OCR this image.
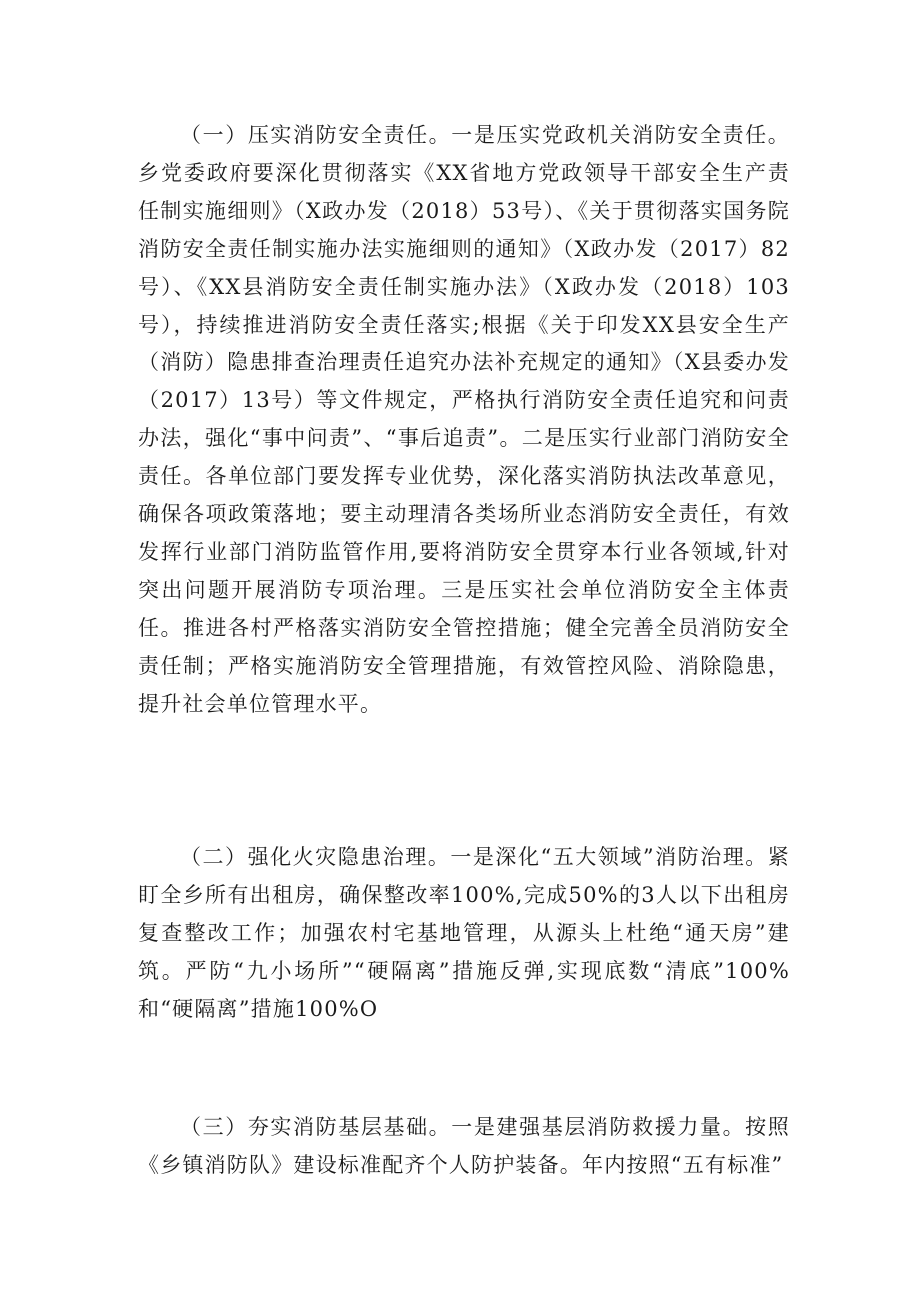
（一）压实消防安全责任。一是压实党政机关消防安全责任。乡党委政府要深化贯彻落实《XX省地方党政领导干部安全生产责任制实施细则》（X政办发（2018）53号）、《关于贯彻落实国务院消防安全责任制实施办法实施细则的通知》（X政办发（2017）82号）、《XX县消防安全责任制实施办法》（X政办发（2018）103号），持续推进消防安全责任落实;根据《关于印发XX县安全生产（消防）隐患排查治理责任追究办法补充规定的通知》（X县委办发（2017）13号）等文件规定，严格执行消防安全责任追究和问责办法，强化“事中问责”、“事后追责”。二是压实行业部门消防安全责任。各单位部门要发挥专业优势，深化落实消防执法改革意见，确保各项政策落地；要主动理清各类场所业态消防安全责任，有效发挥行业部门消防监管作用,要将消防安全贯穿本行业各领域,针对突出问题开展消防专项治理。三是压实社会单位消防安全主体责任。推进各村严格落实消防安全管控措施；健全完善全员消防安全责任制；严格实施消防安全管理措施，有效管控风险、消除隐患，提升社会单位管理水平。

（二）强化火灾隐患治理。一是深化“五大领域”消防治理。紧盯全乡所有出租房，确保整改率100%,完成50%的3人以下出租房复查整改工作；加强农村宅基地管理，从源头上杜绝“通天房”建筑。严防“九小场所”“硬隔离”措施反弹,实现底数“清底”100%和“硬隔离”措施100%O

（三）夯实消防基层基础。一是建强基层消防救援力量。按照《乡镇消防队》建设标准配齐个人防护装备。年内按照“五有标准”
